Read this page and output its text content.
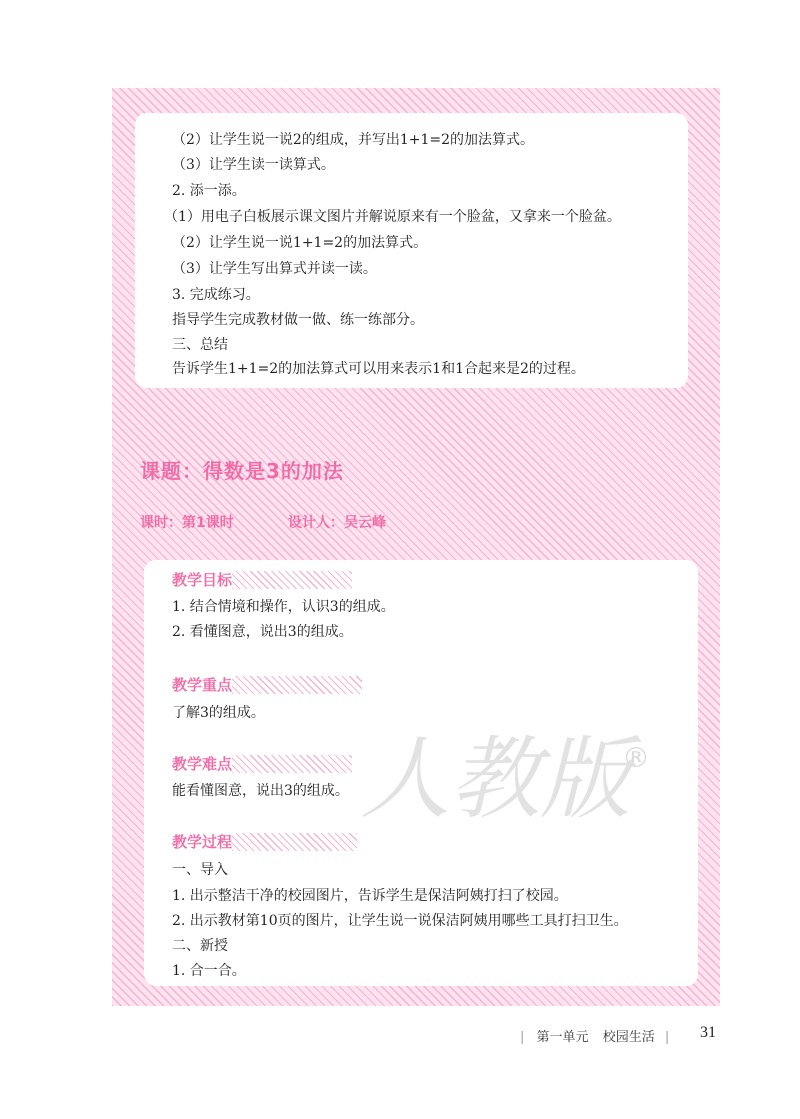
（2）让学生说一说2的组成，并写出1+1=2的加法算式。
（3）让学生读一读算式。
2. 添一添。
（1）用电子白板展示课文图片并解说原来有一个脸盆，又拿来一个脸盆。
（2）让学生说一说1+1=2的加法算式。
（3）让学生写出算式并读一读。
3. 完成练习。
指导学生完成教材做一做、练一练部分。
三、总结
告诉学生1+1=2的加法算式可以用来表示1和1合起来是2的过程。
课题：得数是3的加法
课时：第1课时	设计人：吴云峰
人教版
®
教学目标
1. 结合情境和操作，认识3的组成。
2. 看懂图意，说出3的组成。
教学重点
了解3的组成。
教学难点
能看懂图意，说出3的组成。
教学过程
一、导入
1. 出示整洁干净的校园图片，告诉学生是保洁阿姨打扫了校园。
2. 出示教材第10页的图片，让学生说一说保洁阿姨用哪些工具打扫卫生。
二、新授
1. 合一合。
| 第一单元 校园生活 |	31
